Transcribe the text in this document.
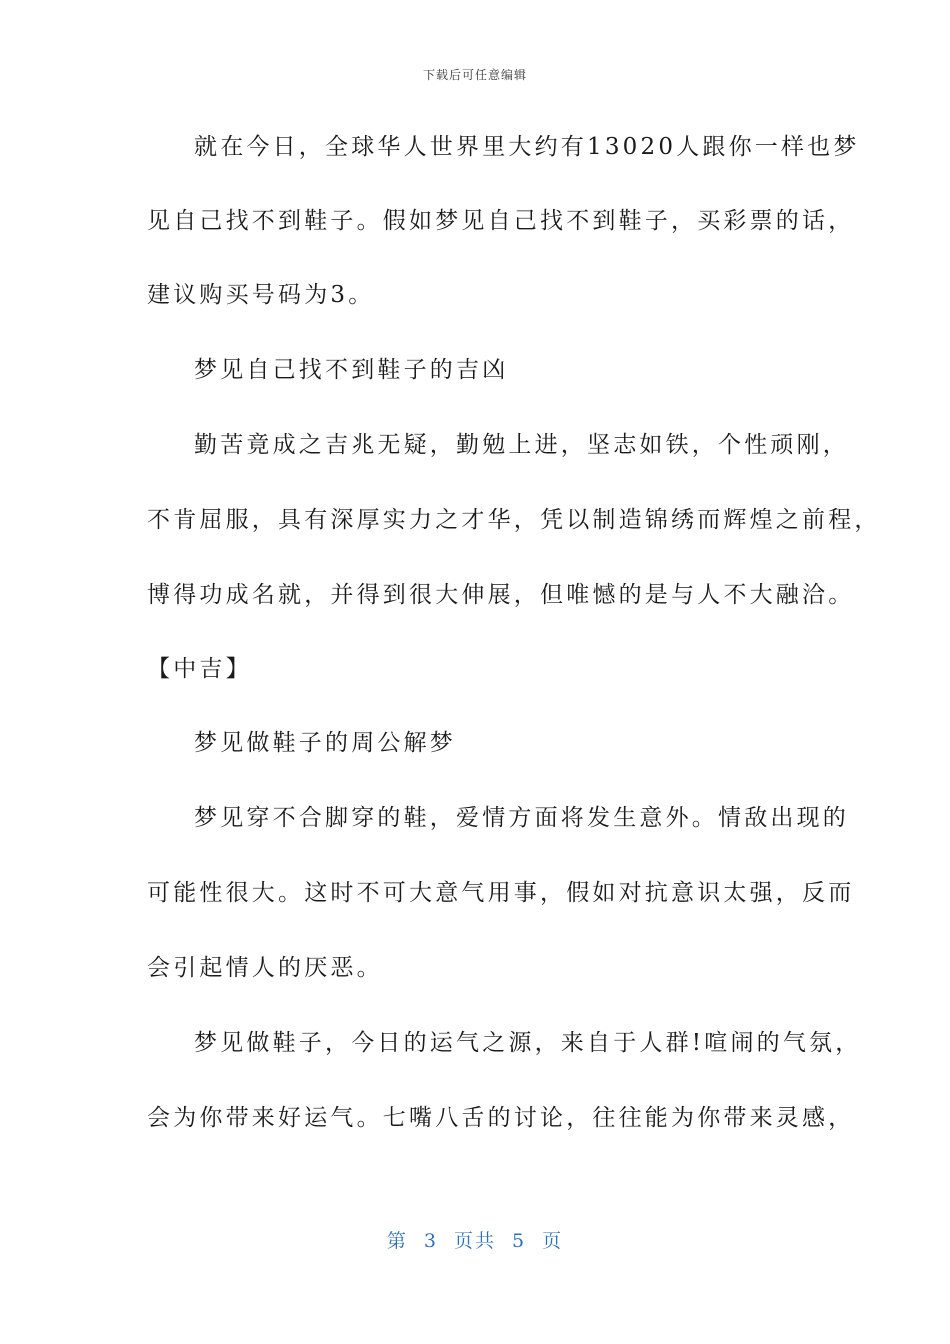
下载后可任意编辑
就在今日，全球华人世界里大约有13020人跟你一样也梦
见自己找不到鞋子。假如梦见自己找不到鞋子，买彩票的话，
建议购买号码为3。
梦见自己找不到鞋子的吉凶
勤苦竟成之吉兆无疑，勤勉上进，坚志如铁，个性顽刚，
不肯屈服，具有深厚实力之才华，凭以制造锦绣而辉煌之前程，
博得功成名就，并得到很大伸展，但唯憾的是与人不大融洽。
【中吉】
梦见做鞋子的周公解梦
梦见穿不合脚穿的鞋，爱情方面将发生意外。情敌出现的
可能性很大。这时不可大意气用事，假如对抗意识太强，反而
会引起情人的厌恶。
梦见做鞋子，今日的运气之源，来自于人群!喧闹的气氛，
会为你带来好运气。七嘴八舌的讨论，往往能为你带来灵感，
第 3 页共 5 页
